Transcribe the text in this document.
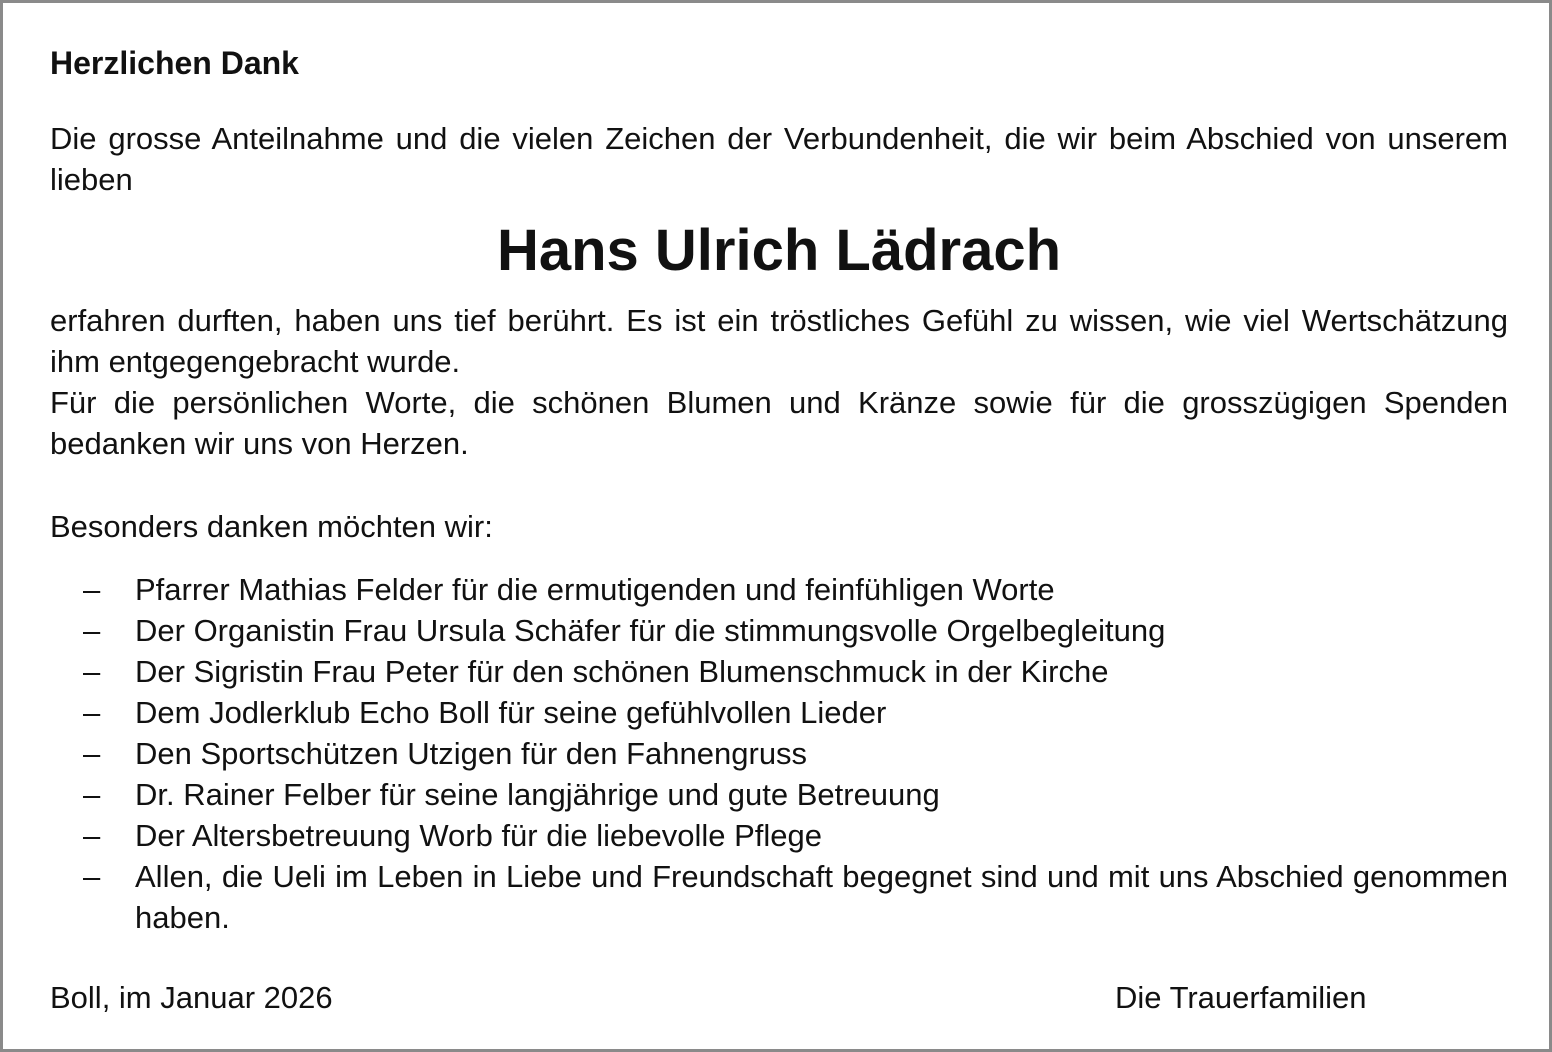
Herzlichen Dank

Die grosse Anteilnahme und die vielen Zeichen der Verbundenheit, die wir beim Abschied von unserem lieben

Hans Ulrich Lädrach

erfahren durften, haben uns tief berührt. Es ist ein tröstliches Gefühl zu wissen, wie viel Wertschätzung ihm entgegengebracht wurde.

Für die persönlichen Worte, die schönen Blumen und Kränze sowie für die grosszügigen Spenden bedanken wir uns von Herzen.

Besonders danken möchten wir:
– Pfarrer Mathias Felder für die ermutigenden und feinfühligen Worte
– Der Organistin Frau Ursula Schäfer für die stimmungsvolle Orgelbegleitung
– Der Sigristin Frau Peter für den schönen Blumenschmuck in der Kirche
– Dem Jodlerklub Echo Boll für seine gefühlvollen Lieder
– Den Sportschützen Utzigen für den Fahnengruss
– Dr. Rainer Felber für seine langjährige und gute Betreuung
– Der Altersbetreuung Worb für die liebevolle Pflege
– Allen, die Ueli im Leben in Liebe und Freundschaft begegnet sind und mit uns Abschied genommen haben.
Boll, im Januar 2026	Die Trauerfamilien
